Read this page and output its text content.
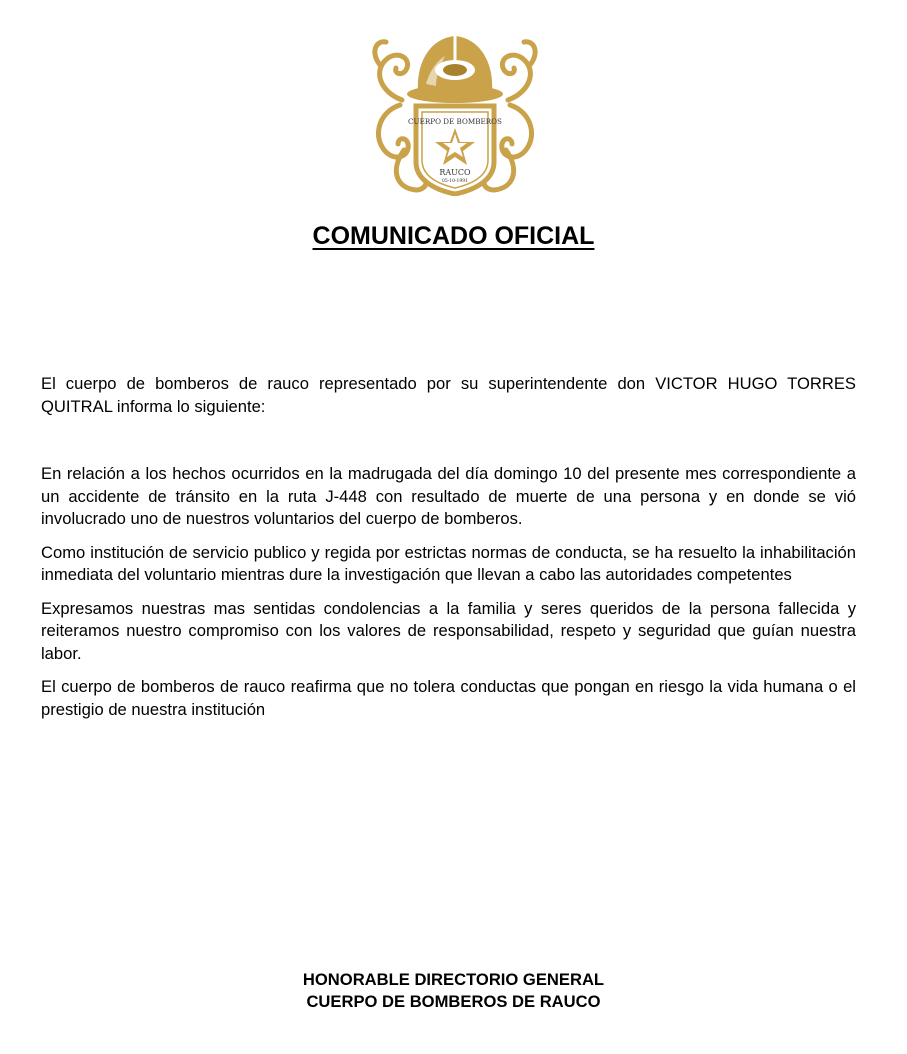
CUERPO DE BOMBEROS
RAUCO
05-10-1991
COMUNICADO OFICIAL

El cuerpo de bomberos de rauco representado por su superintendente don VICTOR HUGO TORRES QUITRAL informa lo siguiente:

En relación a los hechos ocurridos en la madrugada del día domingo 10 del presente mes correspondiente a un accidente de tránsito en la ruta J-448 con resultado de muerte de una persona y en donde se vió involucrado uno de nuestros voluntarios del cuerpo de bomberos.

Como institución de servicio publico y regida por estrictas normas de conducta, se ha resuelto la inhabilitación inmediata del voluntario mientras dure la investigación que llevan a cabo las autoridades competentes

Expresamos nuestras mas sentidas condolencias a la familia y seres queridos de la persona fallecida y reiteramos nuestro compromiso con los valores de responsabilidad, respeto y seguridad que guían nuestra labor.

El cuerpo de bomberos de rauco reafirma que no tolera conductas que pongan en riesgo la vida humana o el prestigio de nuestra institución

HONORABLE DIRECTORIO GENERAL
CUERPO DE BOMBEROS DE RAUCO
